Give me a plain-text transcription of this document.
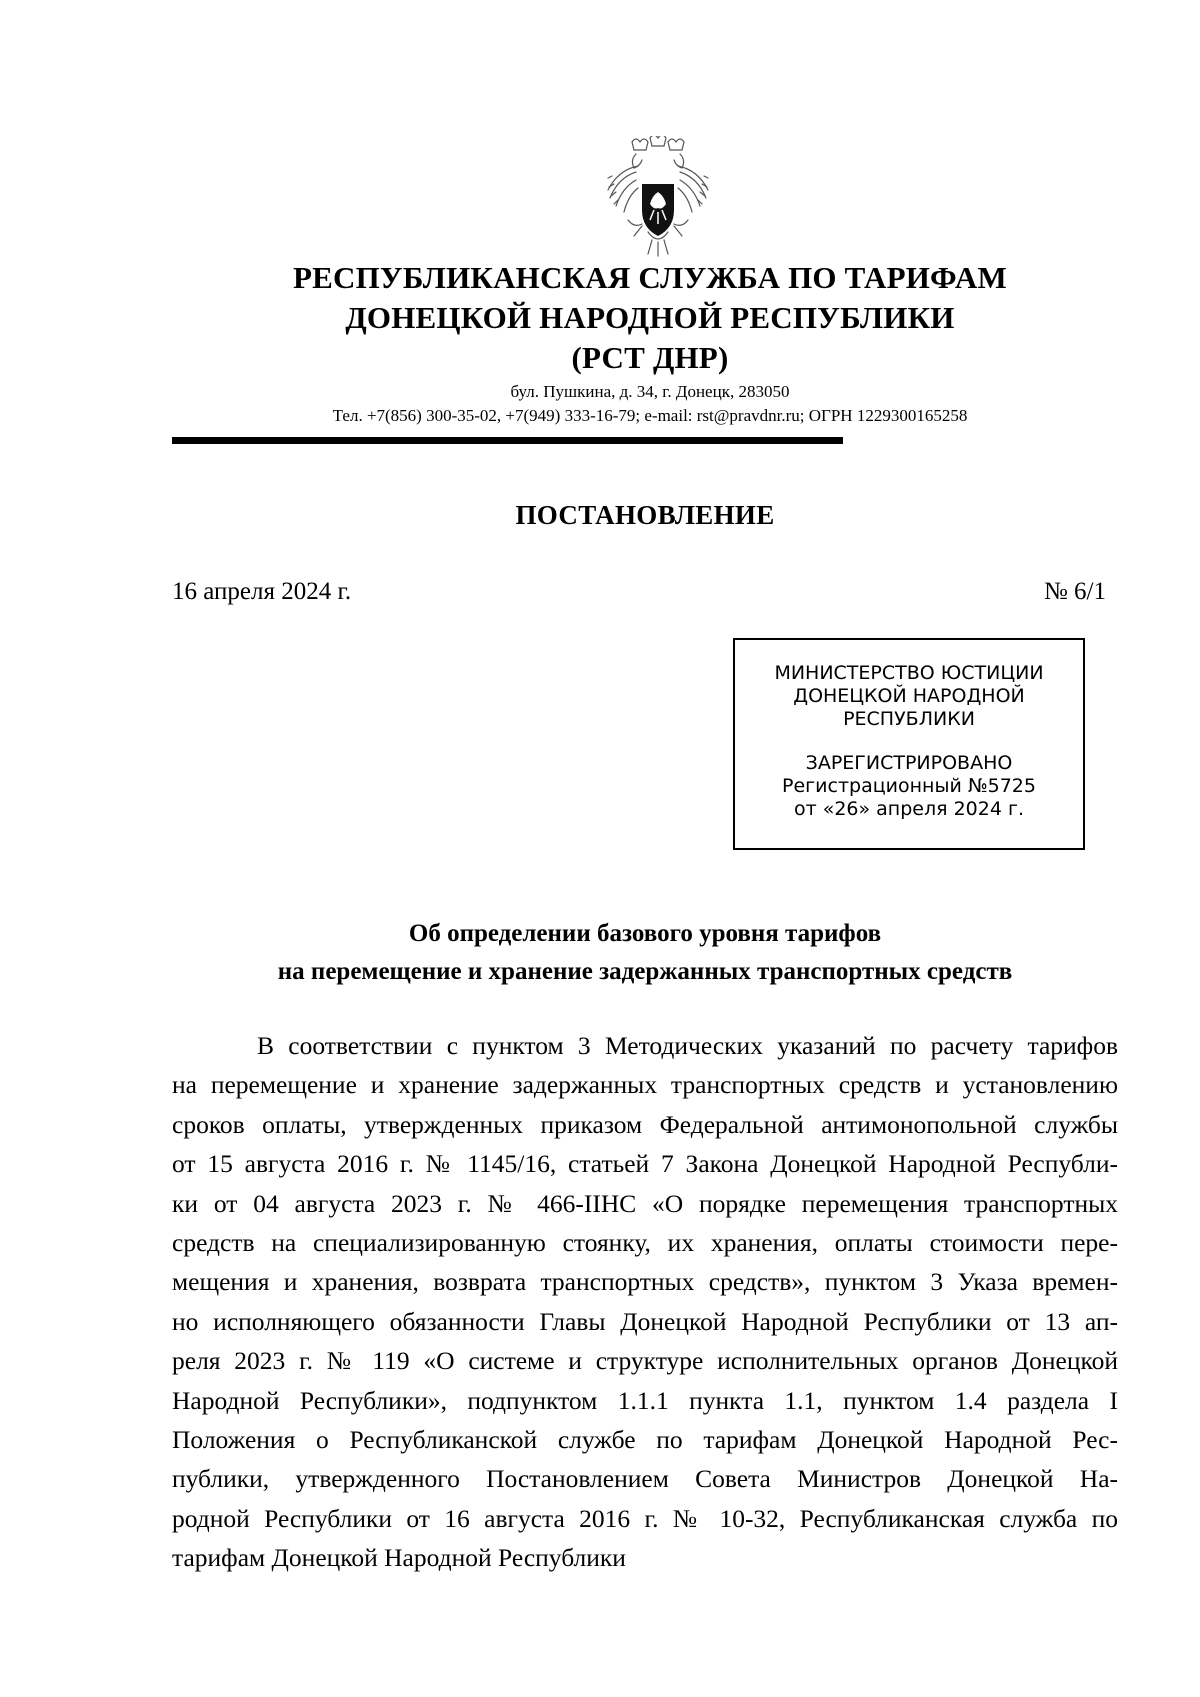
РЕСПУБЛИКАНСКАЯ СЛУЖБА ПО ТАРИФАМ
ДОНЕЦКОЙ НАРОДНОЙ РЕСПУБЛИКИ
(РСТ ДНР)
бул. Пушкина, д. 34, г. Донецк, 283050
Тел. +7(856) 300-35-02, +7(949) 333-16-79; e-mail: rst@pravdnr.ru; ОГРН 1229300165258
ПОСТАНОВЛЕНИЕ
16 апреля 2024 г.	№ 6/1
МИНИСТЕРСТВО ЮСТИЦИИ
ДОНЕЦКОЙ НАРОДНОЙ
РЕСПУБЛИКИ
ЗАРЕГИСТРИРОВАНО
Регистрационный №5725
от «26» апреля 2024 г.
Об определении базового уровня тарифов
на перемещение и хранение задержанных транспортных средств
В соответствии с пунктом 3 Методических указаний по расчету тарифов
на перемещение и хранение задержанных транспортных средств и установлению
сроков оплаты, утвержденных приказом Федеральной антимонопольной службы
от 15 августа 2016 г. № 1145/16, статьей 7 Закона Донецкой Народной Республи-
ки от 04 августа 2023 г. № 466-IIНС «О порядке перемещения транспортных
средств на специализированную стоянку, их хранения, оплаты стоимости пере-
мещения и хранения, возврата транспортных средств», пунктом 3 Указа времен-
но исполняющего обязанности Главы Донецкой Народной Республики от 13 ап-
реля 2023 г. № 119 «О системе и структуре исполнительных органов Донецкой
Народной Республики», подпунктом 1.1.1 пункта 1.1, пунктом 1.4 раздела I
Положения о Республиканской службе по тарифам Донецкой Народной Рес-
публики, утвержденного Постановлением Совета Министров Донецкой На-
родной Республики от 16 августа 2016 г. № 10-32, Республиканская служба по
тарифам Донецкой Народной Республики
